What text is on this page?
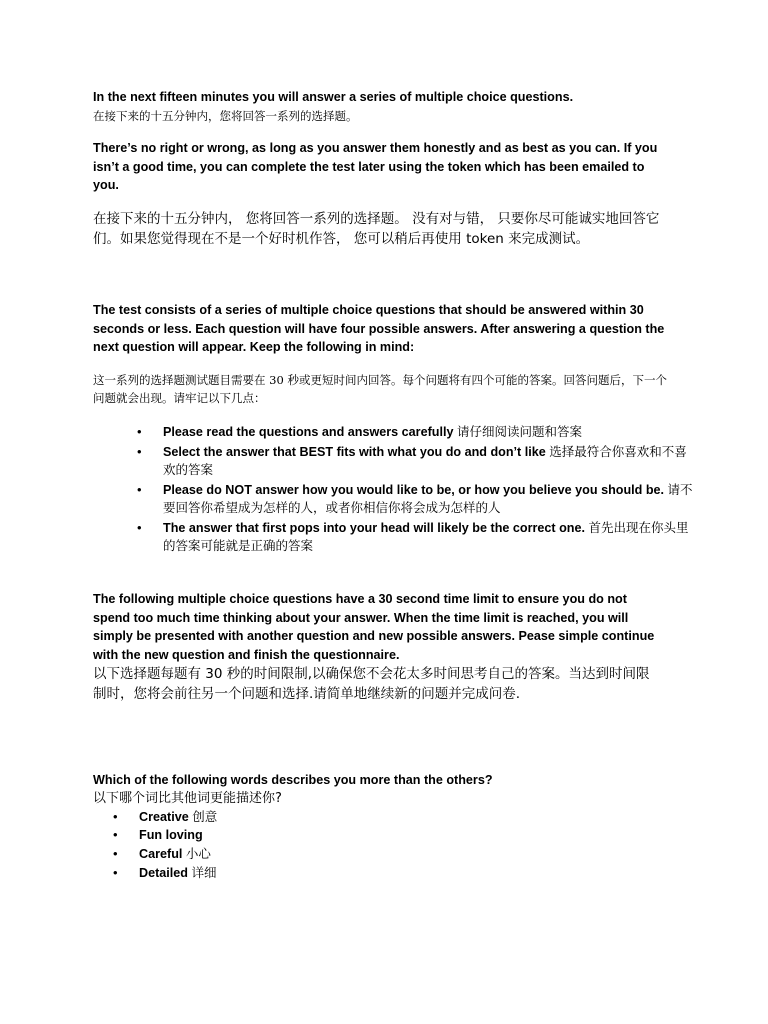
In the next fifteen minutes you will answer a series of multiple choice questions.
在接下来的十五分钟内，您将回答一系列的选择题。
There’s no right or wrong, as long as you answer them honestly and as best as you can. If you isn’t a good time, you can complete the test later using the token which has been emailed to you.
在接下来的十五分钟内， 您将回答一系列的选择题。 没有对与错， 只要你尽可能诚实地回答它们。如果您觉得现在不是一个好时机作答， 您可以稍后再使用 token 来完成测试。
The test consists of a series of multiple choice questions that should be answered within 30 seconds or less. Each question will have four possible answers. After answering a question the next question will appear. Keep the following in mind:
这一系列的选择题测试题目需要在 30 秒或更短时间内回答。每个问题将有四个可能的答案。回答问题后，下一个问题就会出现。请牢记以下几点：
• Please read the questions and answers carefully 请仔细阅读问题和答案
• Select the answer that BEST fits with what you do and don’t like 选择最符合你喜欢和不喜欢的答案
• Please do NOT answer how you would like to be, or how you believe you should be. 请不要回答你希望成为怎样的人，或者你相信你将会成为怎样的人
• The answer that first pops into your head will likely be the correct one. 首先出现在你头里的答案可能就是正确的答案
The following multiple choice questions have a 30 second time limit to ensure you do not spend too much time thinking about your answer. When the time limit is reached, you will simply be presented with another question and new possible answers. Pease simple continue with the new question and finish the questionnaire.
以下选择题每题有 30 秒的时间限制,以确保您不会花太多时间思考自己的答案。当达到时间限制时，您将会前往另一个问题和选择.请简单地继续新的问题并完成问卷.
Which of the following words describes you more than the others?
以下哪个词比其他词更能描述你?
• Creative 创意
• Fun loving
• Careful 小心
• Detailed 详细
